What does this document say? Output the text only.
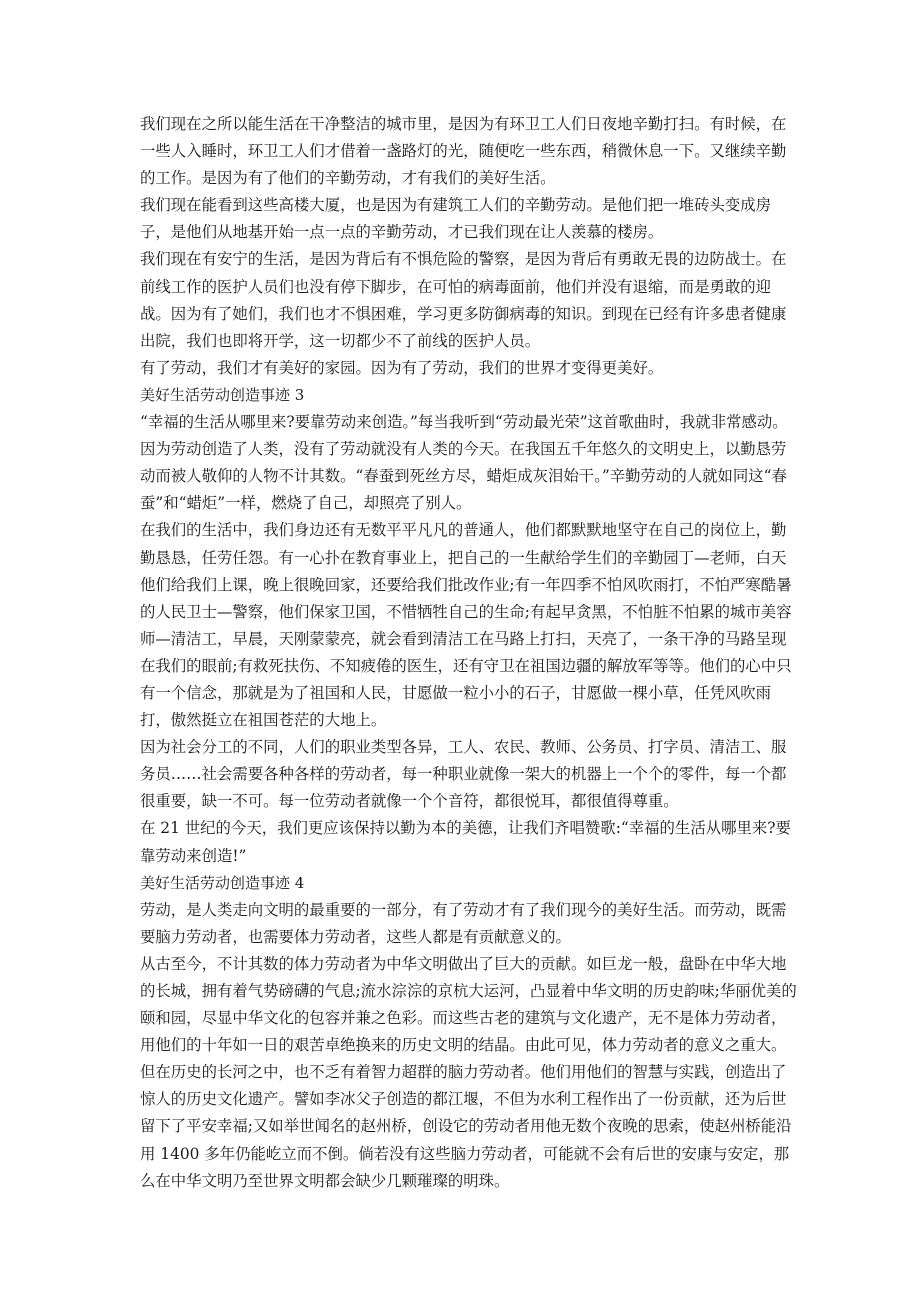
我们现在之所以能生活在干净整洁的城市里，是因为有环卫工人们日夜地辛勤打扫。有时候，在一些人入睡时，环卫工人们才借着一盏路灯的光，随便吃一些东西，稍微休息一下。又继续辛勤的工作。是因为有了他们的辛勤劳动，才有我们的美好生活。

我们现在能看到这些高楼大厦，也是因为有建筑工人们的辛勤劳动。是他们把一堆砖头变成房子，是他们从地基开始一点一点的辛勤劳动，才已我们现在让人羡慕的楼房。

我们现在有安宁的生活，是因为背后有不惧危险的警察，是因为背后有勇敢无畏的边防战士。在前线工作的医护人员们也没有停下脚步，在可怕的病毒面前，他们并没有退缩，而是勇敢的迎战。因为有了她们，我们也才不惧困难，学习更多防御病毒的知识。到现在已经有许多患者健康出院，我们也即将开学，这一切都少不了前线的医护人员。

有了劳动，我们才有美好的家园。因为有了劳动，我们的世界才变得更美好。

美好生活劳动创造事迹 3

“幸福的生活从哪里来?要靠劳动来创造。”每当我听到“劳动最光荣”这首歌曲时，我就非常感动。因为劳动创造了人类，没有了劳动就没有人类的今天。在我国五千年悠久的文明史上，以勤恳劳动而被人敬仰的人物不计其数。“春蚕到死丝方尽，蜡炬成灰泪始干。”辛勤劳动的人就如同这“春蚕”和“蜡炬”一样，燃烧了自己，却照亮了别人。

在我们的生活中，我们身边还有无数平平凡凡的普通人，他们都默默地坚守在自己的岗位上，勤勤恳恳，任劳任怨。有一心扑在教育事业上，把自己的一生献给学生们的辛勤园丁—老师，白天他们给我们上课，晚上很晚回家，还要给我们批改作业;有一年四季不怕风吹雨打，不怕严寒酷暑的人民卫士—警察，他们保家卫国，不惜牺牲自己的生命;有起早贪黑，不怕脏不怕累的城市美容师—清洁工，早晨，天刚蒙蒙亮，就会看到清洁工在马路上打扫，天亮了，一条干净的马路呈现在我们的眼前;有救死扶伤、不知疲倦的医生，还有守卫在祖国边疆的解放军等等。他们的心中只有一个信念，那就是为了祖国和人民，甘愿做一粒小小的石子，甘愿做一棵小草，任凭风吹雨打，傲然挺立在祖国苍茫的大地上。

因为社会分工的不同，人们的职业类型各异，工人、农民、教师、公务员、打字员、清洁工、服务员……社会需要各种各样的劳动者，每一种职业就像一架大的机器上一个个的零件，每一个都很重要，缺一不可。每一位劳动者就像一个个音符，都很悦耳，都很值得尊重。

在 21 世纪的今天，我们更应该保持以勤为本的美德，让我们齐唱赞歌:“幸福的生活从哪里来?要靠劳动来创造!”

美好生活劳动创造事迹 4

劳动，是人类走向文明的最重要的一部分，有了劳动才有了我们现今的美好生活。而劳动，既需要脑力劳动者，也需要体力劳动者，这些人都是有贡献意义的。

从古至今，不计其数的体力劳动者为中华文明做出了巨大的贡献。如巨龙一般，盘卧在中华大地的长城，拥有着气势磅礴的气息;流水淙淙的京杭大运河，凸显着中华文明的历史韵味;华丽优美的颐和园，尽显中华文化的包容并兼之色彩。而这些古老的建筑与文化遗产，无不是体力劳动者，用他们的十年如一日的艰苦卓绝换来的历史文明的结晶。由此可见，体力劳动者的意义之重大。

但在历史的长河之中，也不乏有着智力超群的脑力劳动者。他们用他们的智慧与实践，创造出了惊人的历史文化遗产。譬如李冰父子创造的都江堰，不但为水利工程作出了一份贡献，还为后世留下了平安幸福;又如举世闻名的赵州桥，创设它的劳动者用他无数个夜晚的思索，使赵州桥能沿用 1400 多年仍能屹立而不倒。倘若没有这些脑力劳动者，可能就不会有后世的安康与安定，那么在中华文明乃至世界文明都会缺少几颗璀璨的明珠。
